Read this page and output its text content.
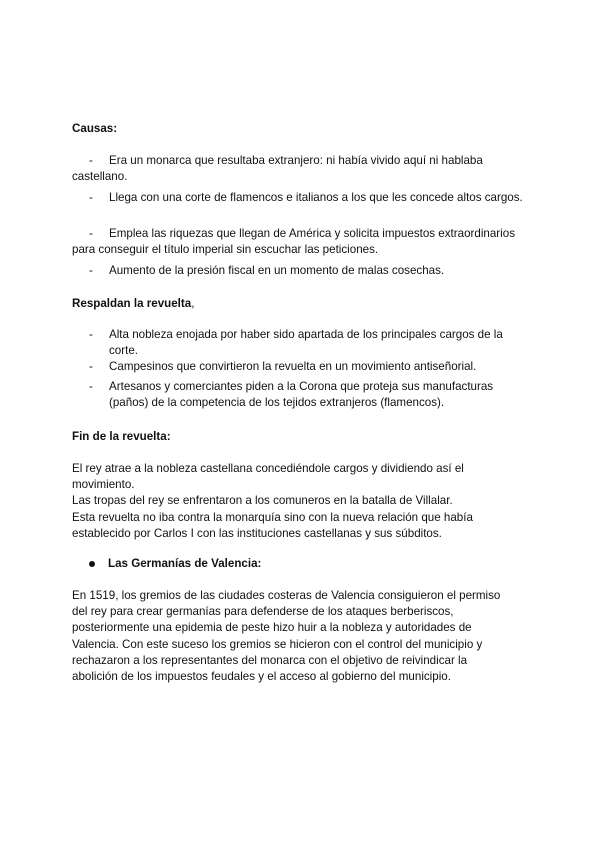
Causas:
-	Era un monarca que resultaba extranjero: ni había vivido aquí ni hablaba castellano.
-	Llega con una corte de flamencos e italianos a los que les concede altos cargos.
-	Emplea las riquezas que llegan de América y solicita impuestos extraordinarios para conseguir el título imperial sin escuchar las peticiones.
-	Aumento de la presión fiscal en un momento de malas cosechas.
Respaldan la revuelta,
- Alta nobleza enojada por haber sido apartada de los principales cargos de la corte.
- Campesinos que convirtieron la revuelta en un movimiento antiseñorial.
- Artesanos y comerciantes piden a la Corona que proteja sus manufacturas (paños) de la competencia de los tejidos extranjeros (flamencos).
Fin de la revuelta:
El rey atrae a la nobleza castellana concediéndole cargos y dividiendo así el
movimiento.
Las tropas del rey se enfrentaron a los comuneros en la batalla de Villalar.
Esta revuelta no iba contra la monarquía sino con la nueva relación que había
establecido por Carlos I con las instituciones castellanas y sus súbditos.
Las Germanías de Valencia:
En 1519, los gremios de las ciudades costeras de Valencia consiguieron el permiso
del rey para crear germanías para defenderse de los ataques berberiscos,
posteriormente una epidemia de peste hizo huir a la nobleza y autoridades de
Valencia. Con este suceso los gremios se hicieron con el control del municipio y
rechazaron a los representantes del monarca con el objetivo de reivindicar la
abolición de los impuestos feudales y el acceso al gobierno del municipio.
